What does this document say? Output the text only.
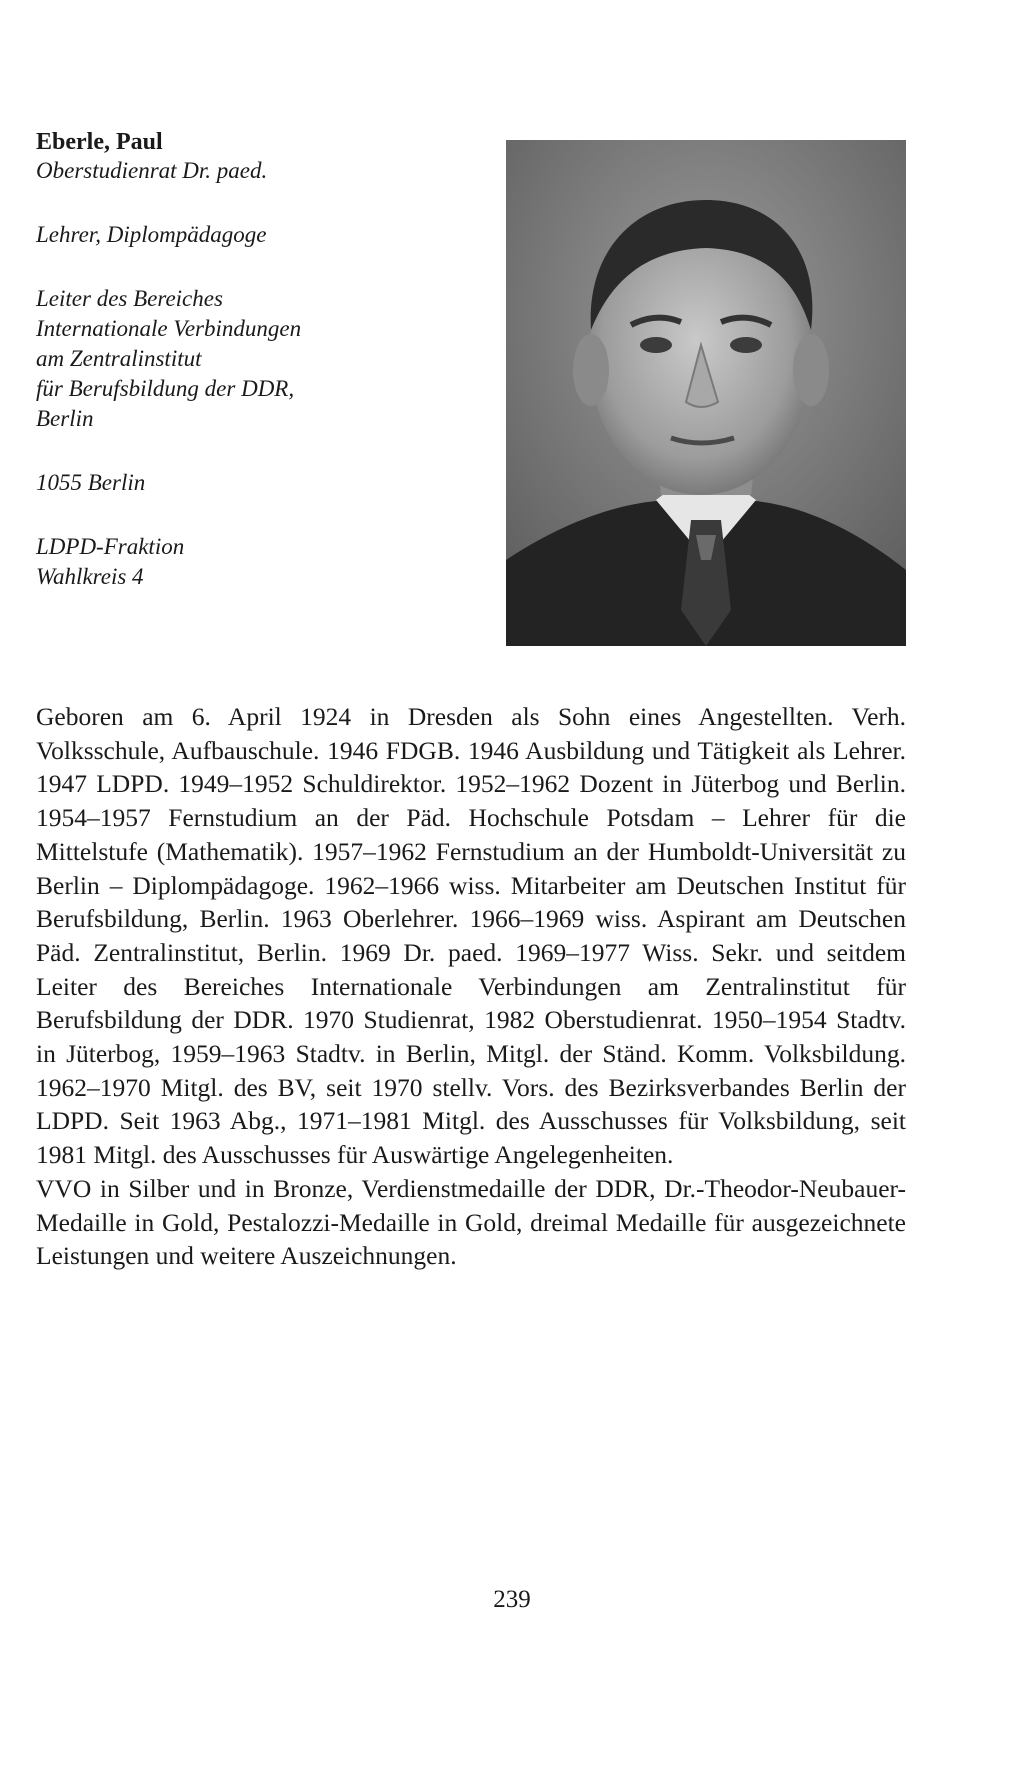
Eberle, Paul

Oberstudienrat Dr. paed.

Lehrer, Diplompädagoge

Leiter des Bereiches

Internationale Verbindungen

am Zentralinstitut

für Berufsbildung der DDR,

Berlin

1055 Berlin

LDPD-Fraktion

Wahlkreis 4

Geboren am 6. April 1924 in Dresden als Sohn eines Angestellten. Verh. Volksschule, Aufbauschule. 1946 FDGB. 1946 Ausbildung und Tätigkeit als Lehrer. 1947 LDPD. 1949–1952 Schuldirektor. 1952–1962 Dozent in Jüterbog und Berlin. 1954–1957 Fernstudium an der Päd. Hochschule Potsdam – Lehrer für die Mittelstufe (Mathematik). 1957–1962 Fernstudium an der Humboldt-Universität zu Berlin – Diplompädagoge. 1962–1966 wiss. Mitarbeiter am Deutschen Institut für Berufsbildung, Berlin. 1963 Oberlehrer. 1966–1969 wiss. Aspirant am Deutschen Päd. Zentralinstitut, Berlin. 1969 Dr. paed. 1969–1977 Wiss. Sekr. und seitdem Leiter des Bereiches Internationale Verbindungen am Zentralinstitut für Berufsbildung der DDR. 1970 Studienrat, 1982 Oberstudienrat. 1950–1954 Stadtv. in Jüterbog, 1959–1963 Stadtv. in Berlin, Mitgl. der Ständ. Komm. Volksbildung. 1962–1970 Mitgl. des BV, seit 1970 stellv. Vors. des Bezirksverbandes Berlin der LDPD. Seit 1963 Abg., 1971–1981 Mitgl. des Ausschusses für Volksbildung, seit 1981 Mitgl. des Ausschusses für Auswärtige Angelegenheiten.

VVO in Silber und in Bronze, Verdienstmedaille der DDR, Dr.-Theodor-Neubauer-Medaille in Gold, Pestalozzi-Medaille in Gold, dreimal Medaille für ausgezeichnete Leistungen und weitere Auszeichnungen.

239
